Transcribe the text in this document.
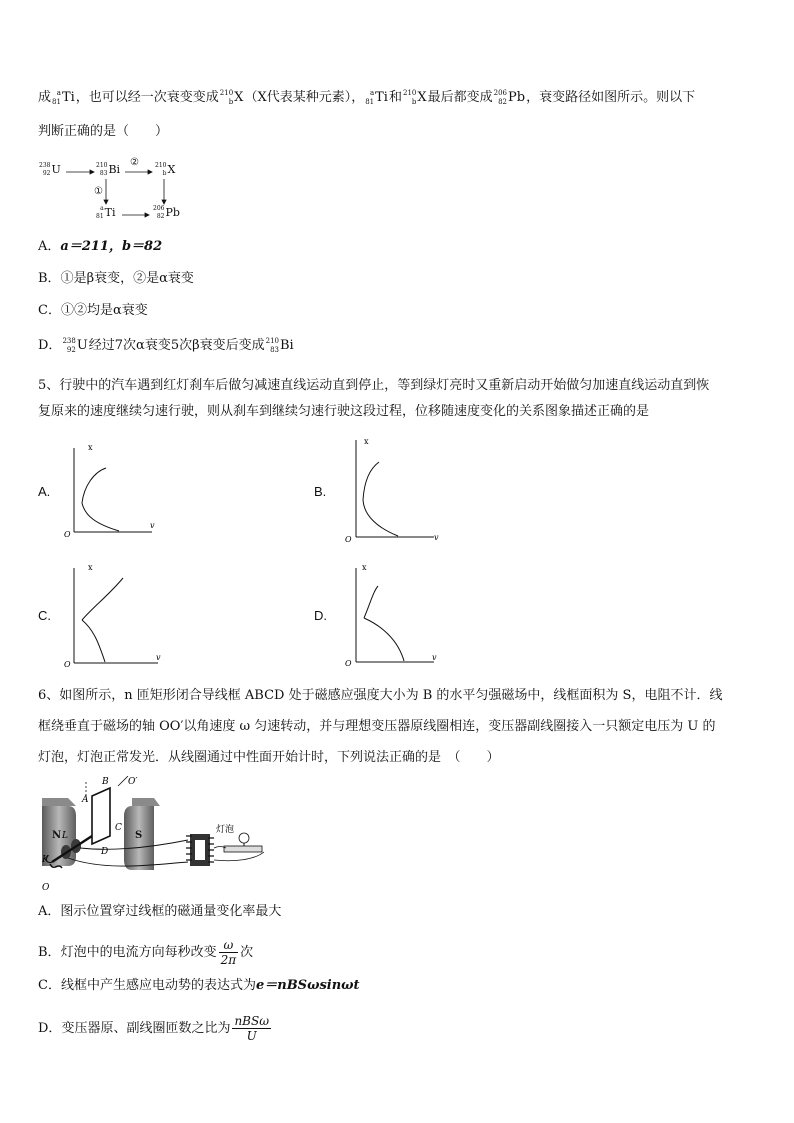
成 a
81 Ti ，也可以经一次衰变变成 210
b X （X代表某种元素）， a
81 Ti 和 210
b X 最后都变成 206
82 Pb ，衰变路径如图所示。则以下
判断正确的是（　　）
238
92 U	210
83 Bi	210
b X
a
81 Ti	206
82 Pb
②
①
A．a＝211，b＝82
B．①是β衰变，②是α衰变
C．①②均是α衰变
D． 238
92 U 经过7次α衰变5次β衰变后变成 210
83 Bi
5、行驶中的汽车遇到红灯刹车后做匀减速直线运动直到停止，等到绿灯亮时又重新启动开始做匀加速直线运动直到恢
复原来的速度继续匀速行驶，则从刹车到继续匀速行驶这段过程，位移随速度变化的关系图象描述正确的是
A.
x
v
O
B.
x
v
O
C.
x
v
O
D.
x
v
O
6、如图所示，n 匝矩形闭合导线框 ABCD 处于磁感应强度大小为 B 的水平匀强磁场中，线框面积为 S，电阻不计．线
框绕垂直于磁场的轴 OO′以角速度 ω 匀速转动，并与理想变压器原线圈相连，变压器副线圈接入一只额定电压为 U 的
灯泡，灯泡正常发光．从线圈通过中性面开始计时，下列说法正确的是　（　　）
N	S
B O′
A
C
D
L
K
O
灯泡
A．图示位置穿过线框的磁通量变化率最大
B．灯泡中的电流方向每秒改变 $\frac{\omega}{2\pi}$ 次
C．线框中产生感应电动势的表达式为e＝nBSωsinωt
D．变压器原、副线圈匝数之比为 $\frac{\text{nBSω}}{U}$
